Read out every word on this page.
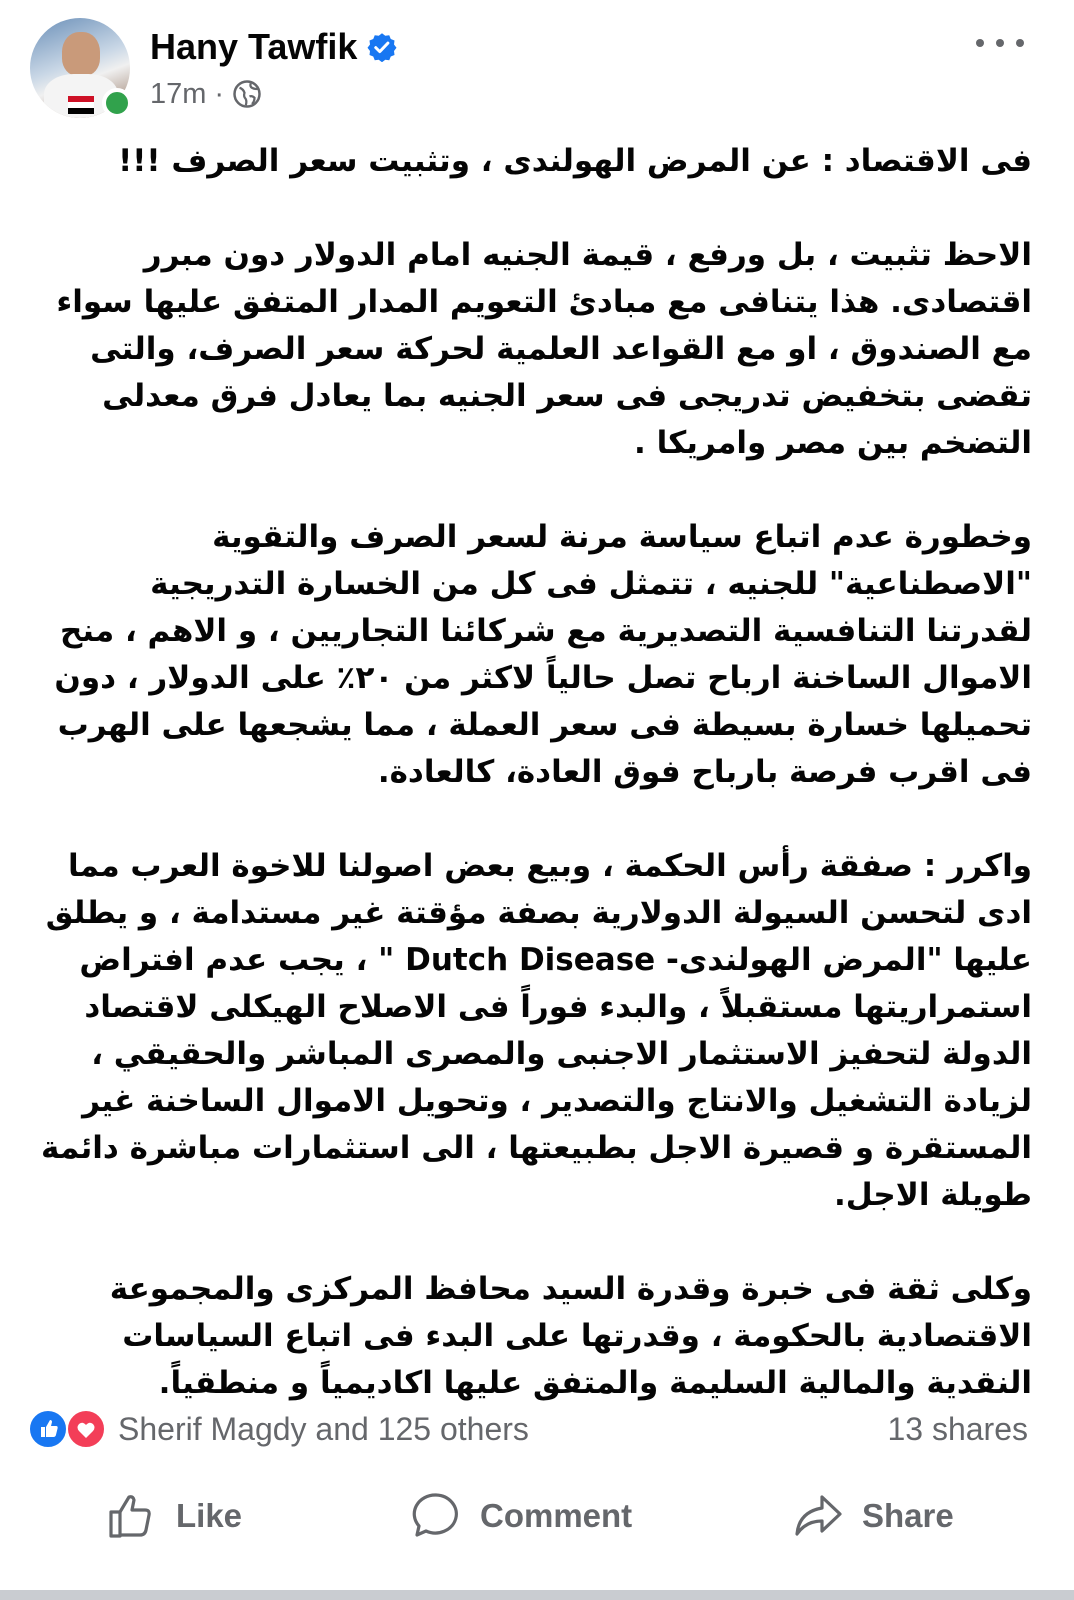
Hany Tawfik
17m ·

فى الاقتصاد : عن المرض الهولندى ، وتثبيت سعر الصرف !!!

الاحظ تثبيت ، بل ورفع ، قيمة الجنيه امام الدولار دون مبرر اقتصادى. هذا يتنافى مع مبادئ التعويم المدار المتفق عليها سواء مع الصندوق ، او مع القواعد العلمية لحركة سعر الصرف، والتى تقضى بتخفيض تدريجى فى سعر الجنيه بما يعادل فرق معدلى التضخم بين مصر وامريكا .

وخطورة عدم اتباع سياسة مرنة لسعر الصرف والتقوية "الاصطناعية" للجنيه ، تتمثل فى كل من الخسارة التدريجية لقدرتنا التنافسية التصديرية مع شركائنا التجاريين ، و الاهم ، منح الاموال الساخنة ارباح تصل حالياً لاكثر من ٢٠٪ على الدولار ، دون تحميلها خسارة بسيطة فى سعر العملة ، مما يشجعها على الهرب فى اقرب فرصة بارباح فوق العادة، كالعادة.

واكرر : صفقة رأس الحكمة ، وبيع بعض اصولنا للاخوة العرب مما ادى لتحسن السيولة الدولارية بصفة مؤقتة غير مستدامة ، و يطلق عليها "المرض الهولندى- Dutch Disease " ، يجب عدم افتراض استمراريتها مستقبلاً ، والبدء فوراً فى الاصلاح الهيكلى لاقتصاد الدولة لتحفيز الاستثمار الاجنبى والمصرى المباشر والحقيقي ، لزيادة التشغيل والانتاج والتصدير ، وتحويل الاموال الساخنة غير المستقرة و قصيرة الاجل بطبيعتها ، الى استثمارات مباشرة دائمة طويلة الاجل.

وكلى ثقة فى خبرة وقدرة السيد محافظ المركزى والمجموعة الاقتصادية بالحكومة ، وقدرتها على البدء فى اتباع السياسات النقدية والمالية السليمة والمتفق عليها اكاديمياً و منطقياً.

Sherif Magdy and 125 others	13 shares
Like	Comment	Share
